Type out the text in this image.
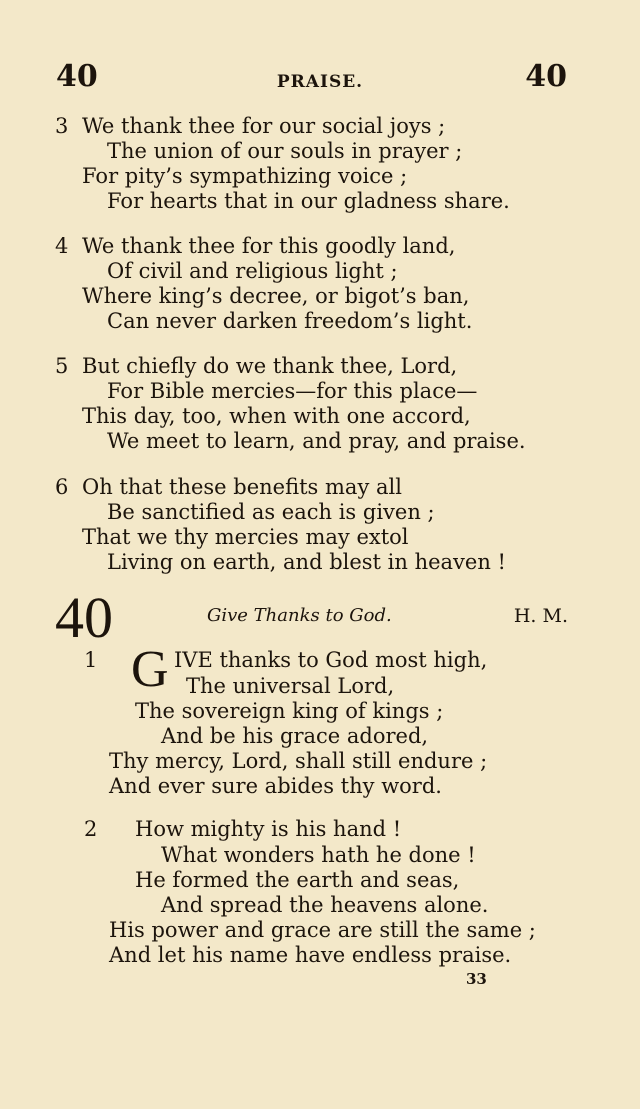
40	PRAISE.	40
3 We thank thee for our social joys ;
The union of our souls in prayer ;
For pity’s sympathizing voice ;
For hearts that in our gladness share.
4 We thank thee for this goodly land,
Of civil and religious light ;
Where king’s decree, or bigot’s ban,
Can never darken freedom’s light.
5 But chiefly do we thank thee, Lord,
For Bible mercies—for this place—
This day, too, when with one accord,
We meet to learn, and pray, and praise.
6 Oh that these benefits may all
Be sanctified as each is given ;
That we thy mercies may extol
Living on earth, and blest in heaven !
40	Give Thanks to God.	H. M.
1 G IVE thanks to God most high,
The universal Lord,
The sovereign king of kings ;
And be his grace adored,
Thy mercy, Lord, shall still endure ;
And ever sure abides thy word.
2 How mighty is his hand !
What wonders hath he done !
He formed the earth and seas,
And spread the heavens alone.
His power and grace are still the same ;
And let his name have endless praise.
33
